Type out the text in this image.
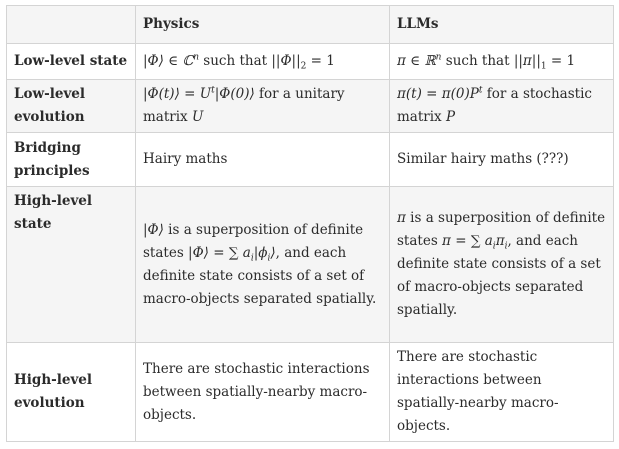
	Physics	LLMs
Low-level state	|Φ⟩ ∈ ℂ$^n$ such that $||\Phi||_2 = 1$	π ∈ ℝ$^n$ such that $||\pi||_1 = 1$
Low-level evolution	|Φ(t)⟩ = $U^t|\Phi(0)⟩$ for a unitary matrix U	$\pi(t) = \pi(0)P^t$ for a stochastic matrix P
Bridging principles	Hairy maths	Similar hairy maths (???)
High-level state	|Φ⟩ is a superposition of definite states |Φ⟩ = ∑ $a_i|\phi_i⟩$, and each definite state consists of a set of macro-objects separated spatially.	π is a superposition of definite states π = ∑ $a_i\pi_i$, and each definite state consists of a set of macro-objects separated spatially.
High-level evolution	There are stochastic interactions between spatially-nearby macro-objects.	There are stochastic interactions between spatially-nearby macro-objects.
